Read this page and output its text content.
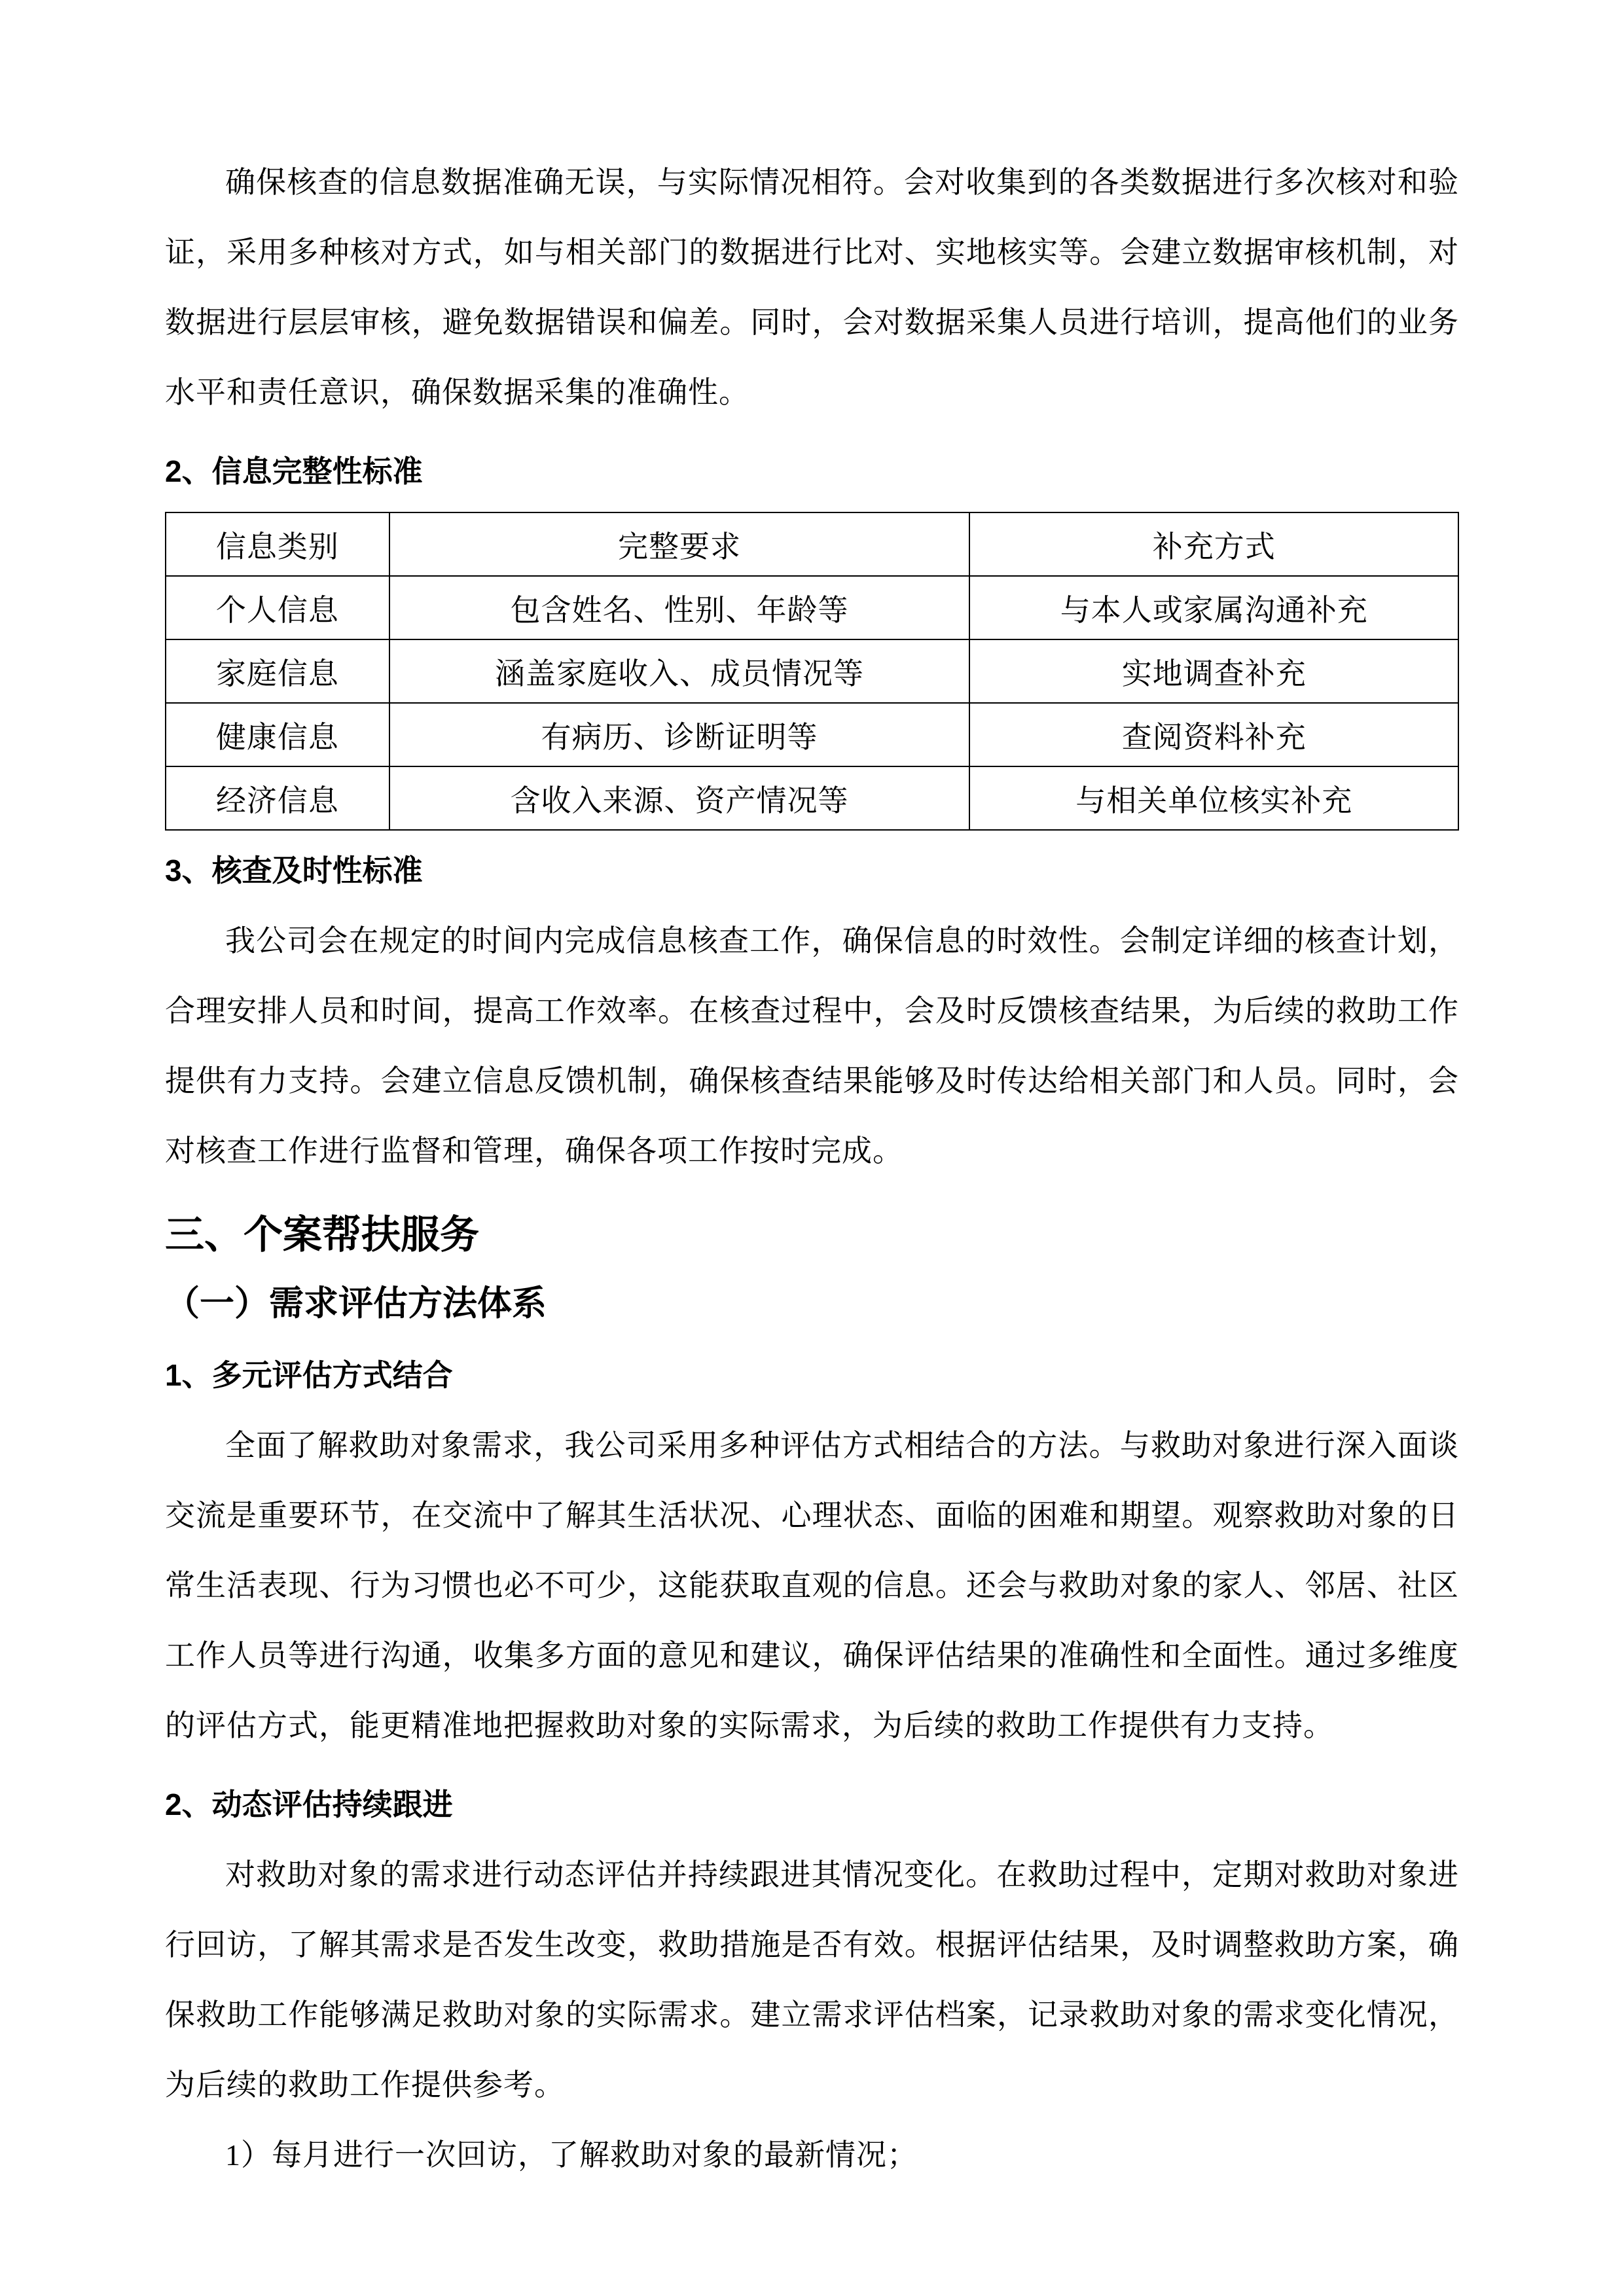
确保核查的信息数据准确无误，与实际情况相符。会对收集到的各类数据进行多次核对和验证，采用多种核对方式，如与相关部门的数据进行比对、实地核实等。会建立数据审核机制，对数据进行层层审核，避免数据错误和偏差。同时，会对数据采集人员进行培训，提高他们的业务水平和责任意识，确保数据采集的准确性。

2、信息完整性标准
信息类别	完整要求	补充方式
个人信息	包含姓名、性别、年龄等	与本人或家属沟通补充
家庭信息	涵盖家庭收入、成员情况等	实地调查补充
健康信息	有病历、诊断证明等	查阅资料补充
经济信息	含收入来源、资产情况等	与相关单位核实补充
3、核查及时性标准

我公司会在规定的时间内完成信息核查工作，确保信息的时效性。会制定详细的核查计划，合理安排人员和时间，提高工作效率。在核查过程中，会及时反馈核查结果，为后续的救助工作提供有力支持。会建立信息反馈机制，确保核查结果能够及时传达给相关部门和人员。同时，会对核查工作进行监督和管理，确保各项工作按时完成。

三、个案帮扶服务
（一）需求评估方法体系
1、多元评估方式结合

全面了解救助对象需求，我公司采用多种评估方式相结合的方法。与救助对象进行深入面谈交流是重要环节，在交流中了解其生活状况、心理状态、面临的困难和期望。观察救助对象的日常生活表现、行为习惯也必不可少，这能获取直观的信息。还会与救助对象的家人、邻居、社区工作人员等进行沟通，收集多方面的意见和建议，确保评估结果的准确性和全面性。通过多维度的评估方式，能更精准地把握救助对象的实际需求，为后续的救助工作提供有力支持。

2、动态评估持续跟进

对救助对象的需求进行动态评估并持续跟进其情况变化。在救助过程中，定期对救助对象进行回访，了解其需求是否发生改变，救助措施是否有效。根据评估结果，及时调整救助方案，确保救助工作能够满足救助对象的实际需求。建立需求评估档案，记录救助对象的需求变化情况，为后续的救助工作提供参考。

1）每月进行一次回访，了解救助对象的最新情况；
